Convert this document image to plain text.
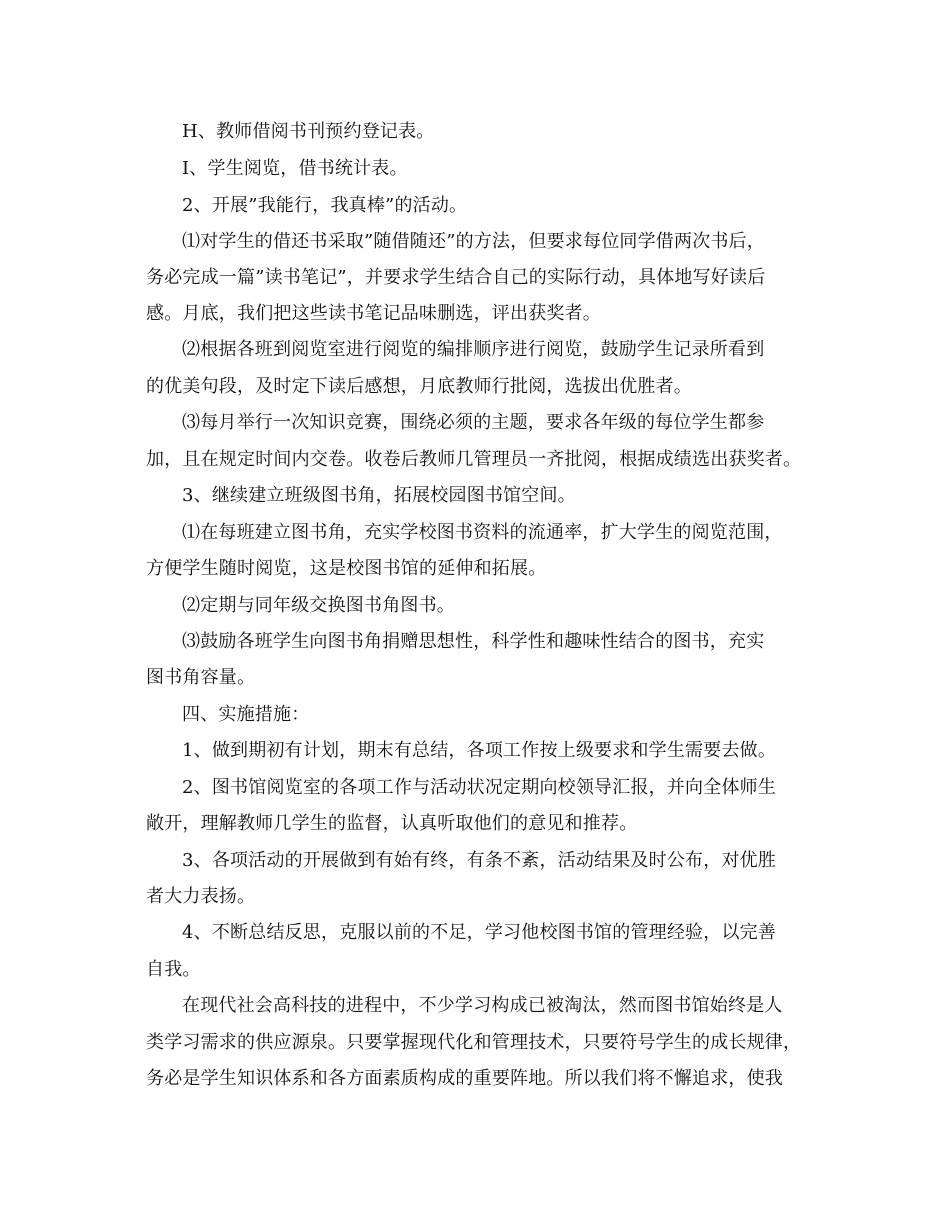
H、教师借阅书刊预约登记表。
I、学生阅览，借书统计表。
2、开展”我能行，我真棒”的活动。
⑴对学生的借还书采取”随借随还”的方法，但要求每位同学借两次书后，
务必完成一篇”读书笔记”，并要求学生结合自己的实际行动，具体地写好读后
感。月底，我们把这些读书笔记品味删选，评出获奖者。
⑵根据各班到阅览室进行阅览的编排顺序进行阅览，鼓励学生记录所看到
的优美句段，及时定下读后感想，月底教师行批阅，选拔出优胜者。
⑶每月举行一次知识竞赛，围绕必须的主题，要求各年级的每位学生都参
加，且在规定时间内交卷。收卷后教师几管理员一齐批阅，根据成绩选出获奖者。
3、继续建立班级图书角，拓展校园图书馆空间。
⑴在每班建立图书角，充实学校图书资料的流通率，扩大学生的阅览范围，
方便学生随时阅览，这是校图书馆的延伸和拓展。
⑵定期与同年级交换图书角图书。
⑶鼓励各班学生向图书角捐赠思想性，科学性和趣味性结合的图书，充实
图书角容量。
四、实施措施：
1、做到期初有计划，期末有总结，各项工作按上级要求和学生需要去做。
2、图书馆阅览室的各项工作与活动状况定期向校领导汇报，并向全体师生
敞开，理解教师几学生的监督，认真听取他们的意见和推荐。
3、各项活动的开展做到有始有终，有条不紊，活动结果及时公布，对优胜
者大力表扬。
4、不断总结反思，克服以前的不足，学习他校图书馆的管理经验，以完善
自我。
在现代社会高科技的进程中，不少学习构成已被淘汰，然而图书馆始终是人
类学习需求的供应源泉。只要掌握现代化和管理技术，只要符号学生的成长规律，
务必是学生知识体系和各方面素质构成的重要阵地。所以我们将不懈追求，使我
